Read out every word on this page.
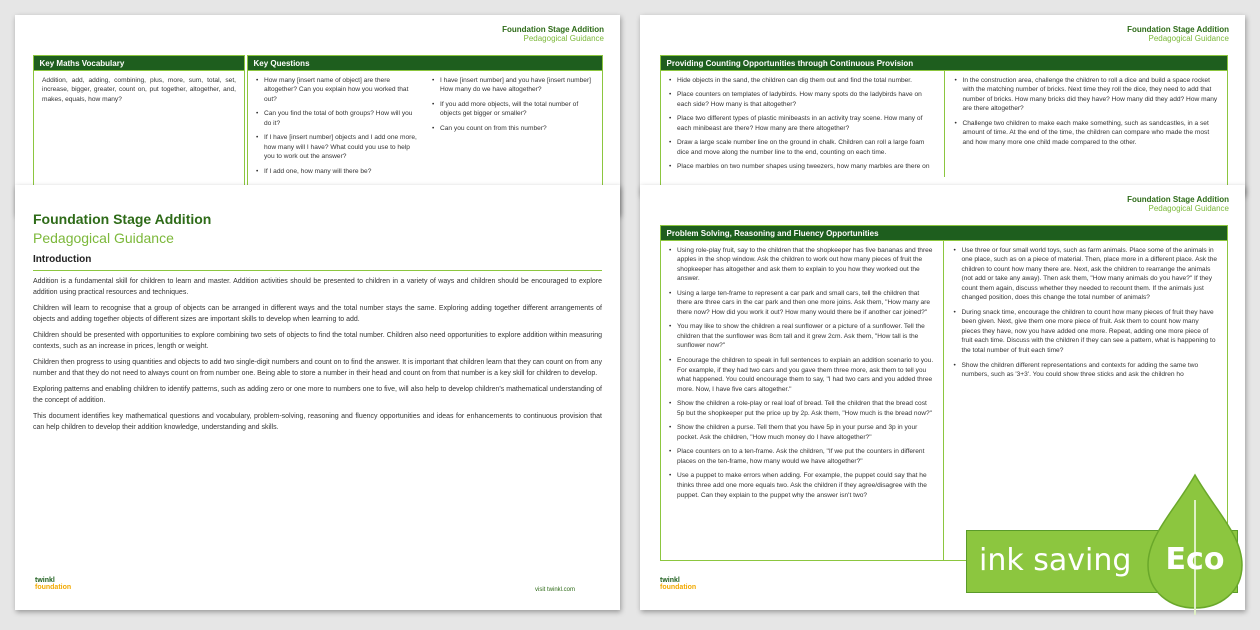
Foundation Stage Addition
Pedagogical Guidance
Key Maths Vocabulary

Addition, add, adding, combining, plus, more, sum, total, set, increase, bigger, greater, count on, put together, altogether, and, makes, equals, how many?

Key Questions
• How many [insert name of object] are there altogether? Can you explain how you worked that out?
• Can you find the total of both groups? How will you do it?
• If I have [insert number] objects and I add one more, how many will I have? What could you use to help you to work out the answer?
• If I add one, how many will there be?
• I have [insert number] and you have [insert number] How many do we have altogether?
• If you add more objects, will the total number of objects get bigger or smaller?
• Can you count on from this number?
Foundation Stage Addition
Pedagogical Guidance
Providing Counting Opportunities through Continuous Provision
• Hide objects in the sand, the children can dig them out and find the total number.
• Place counters on templates of ladybirds. How many spots do the ladybirds have on each side? How many is that altogether?
• Place two different types of plastic minibeasts in an activity tray scene. How many of each minibeast are there? How many are there altogether?
• Draw a large scale number line on the ground in chalk. Children can roll a large foam dice and move along the number line to the end, counting on each time.
• Place marbles on two number shapes using tweezers, how many marbles are there on
• In the construction area, challenge the children to roll a dice and build a space rocket with the matching number of bricks. Next time they roll the dice, they need to add that number of bricks. How many bricks did they have? How many did they add? How many are there altogether?
• Challenge two children to make each make something, such as sandcastles, in a set amount of time. At the end of the time, the children can compare who made the most and how many more one child made compared to the other.
Foundation Stage Addition
Pedagogical Guidance
Problem Solving, Reasoning and Fluency Opportunities
• Using role-play fruit, say to the children that the shopkeeper has five bananas and three apples in the shop window. Ask the children to work out how many pieces of fruit the shopkeeper has altogether and ask them to explain to you how they worked out the answer.
• Using a large ten-frame to represent a car park and small cars, tell the children that there are three cars in the car park and then one more joins. Ask them, "How many are there now? How did you work it out? How many would there be if another car joined?"
• You may like to show the children a real sunflower or a picture of a sunflower. Tell the children that the sunflower was 8cm tall and it grew 2cm. Ask them, "How tall is the sunflower now?"
• Encourage the children to speak in full sentences to explain an addition scenario to you. For example, if they had two cars and you gave them three more, ask them to tell you what happened. You could encourage them to say, "I had two cars and you added three more. Now, I have five cars altogether."
• Show the children a role-play or real loaf of bread. Tell the children that the bread cost 5p but the shopkeeper put the price up by 2p. Ask them, "How much is the bread now?"
• Show the children a purse. Tell them that you have 5p in your purse and 3p in your pocket. Ask the children, "How much money do I have altogether?"
• Place counters on to a ten-frame. Ask the children, "If we put the counters in different places on the ten-frame, how many would we have altogether?"
• Use a puppet to make errors when adding. For example, the puppet could say that he thinks three add one more equals two. Ask the children if they agree/disagree with the puppet. Can they explain to the puppet why the answer isn't two?
• Use three or four small world toys, such as farm animals. Place some of the animals in one place, such as on a piece of material. Then, place more in a different place. Ask the children to count how many there are. Next, ask the children to rearrange the animals (not add or take any away). Then ask them, "How many animals do you have?" If they count them again, discuss whether they needed to recount them. If the animals just changed position, does this change the total number of animals?
• During snack time, encourage the children to count how many pieces of fruit they have been given. Next, give them one more piece of fruit. Ask them to count how many pieces they have, now you have added one more. Repeat, adding one more piece of fruit each time. Discuss with the children if they can see a pattern, what is happening to the total number of fruit each time?
• Show the children different representations and contexts for adding the same two numbers, such as '3+3'. You could show three sticks and ask the children ho
twinkl
foundation
Foundation Stage Addition
Pedagogical Guidance
Introduction

Addition is a fundamental skill for children to learn and master. Addition activities should be presented to children in a variety of ways and children should be encouraged to explore addition using practical resources and techniques.

Children will learn to recognise that a group of objects can be arranged in different ways and the total number stays the same. Exploring adding together different arrangements of objects and adding together objects of different sizes are important skills to develop when learning to add.

Children should be presented with opportunities to explore combining two sets of objects to find the total number. Children also need opportunities to explore addition within measuring contexts, such as an increase in prices, length or weight.

Children then progress to using quantities and objects to add two single-digit numbers and count on to find the answer. It is important that children learn that they can count on from any number and that they do not need to always count on from number one. Being able to store a number in their head and count on from that number is a key skill for children to develop.

Exploring patterns and enabling children to identify patterns, such as adding zero or one more to numbers one to five, will also help to develop children's mathematical understanding of the concept of addition.

This document identifies key mathematical questions and vocabulary, problem-solving, reasoning and fluency opportunities and ideas for enhancements to continuous provision that can help children to develop their addition knowledge, understanding and skills.

twinkl
foundation	visit twinkl.com
ink saving	Eco
